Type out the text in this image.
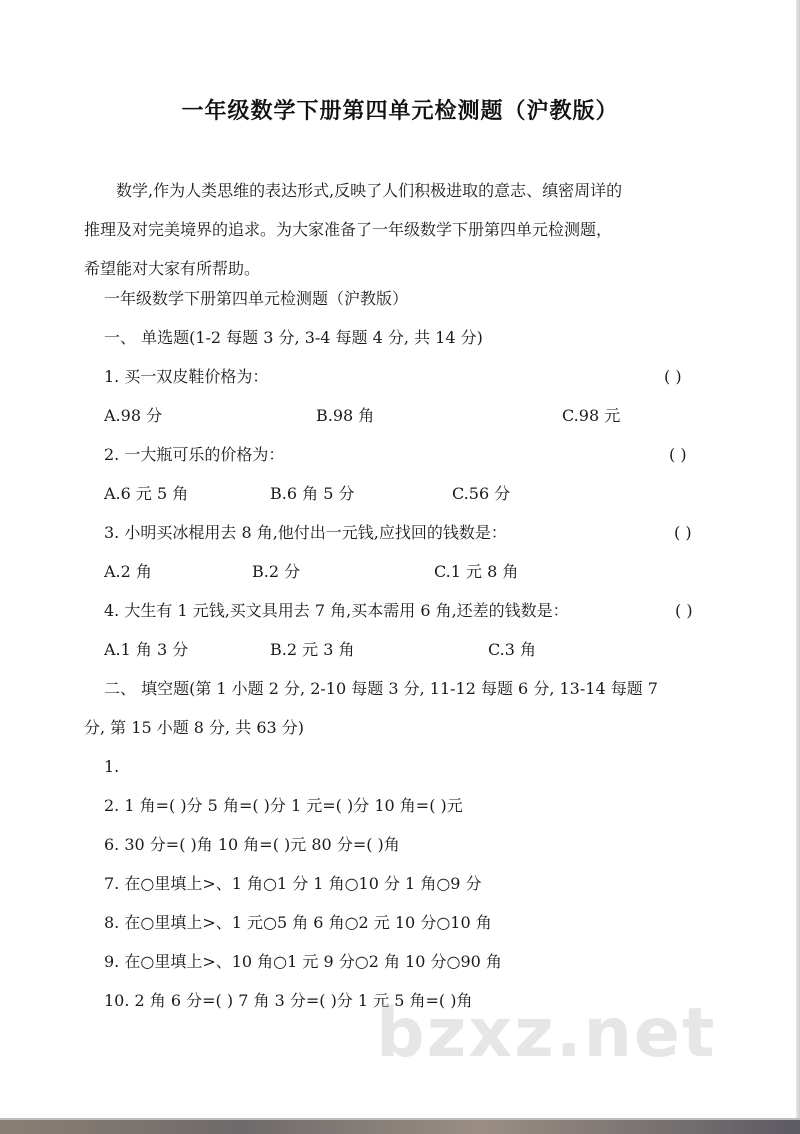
一年级数学下册第四单元检测题（沪教版）

数学,作为人类思维的表达形式,反映了人们积极进取的意志、缜密周详的

推理及对完美境界的追求。为大家准备了一年级数学下册第四单元检测题，
希望能对大家有所帮助。
一年级数学下册第四单元检测题（沪教版）
一、 单选题(1-2 每题 3 分, 3-4 每题 4 分, 共 14 分)
1. 买一双皮鞋价格为：	( )
A.98 分	B.98 角	C.98 元
2. 一大瓶可乐的价格为：	( )
A.6 元 5 角	B.6 角 5 分	C.56 分
3. 小明买冰棍用去 8 角,他付出一元钱,应找回的钱数是：	( )
A.2 角	B.2 分	C.1 元 8 角
4. 大生有 1 元钱,买文具用去 7 角,买本需用 6 角,还差的钱数是：	( )
A.1 角 3 分	B.2 元 3 角	C.3 角
二、 填空题(第 1 小题 2 分, 2-10 每题 3 分, 11-12 每题 6 分, 13-14 每题 7
分, 第 15 小题 8 分, 共 63 分)
1.
2. 1 角=( )分 5 角=( )分 1 元=( )分 10 角=( )元
6. 30 分=( )角 10 角=( )元 80 分=( )角
7. 在○里填上>、1 角○1 分 1 角○10 分 1 角○9 分
8. 在○里填上>、1 元○5 角 6 角○2 元 10 分○10 角
9. 在○里填上>、10 角○1 元 9 分○2 角 10 分○90 角
10. 2 角 6 分=( ) 7 角 3 分=( )分 1 元 5 角=( )角
bzxz.net
